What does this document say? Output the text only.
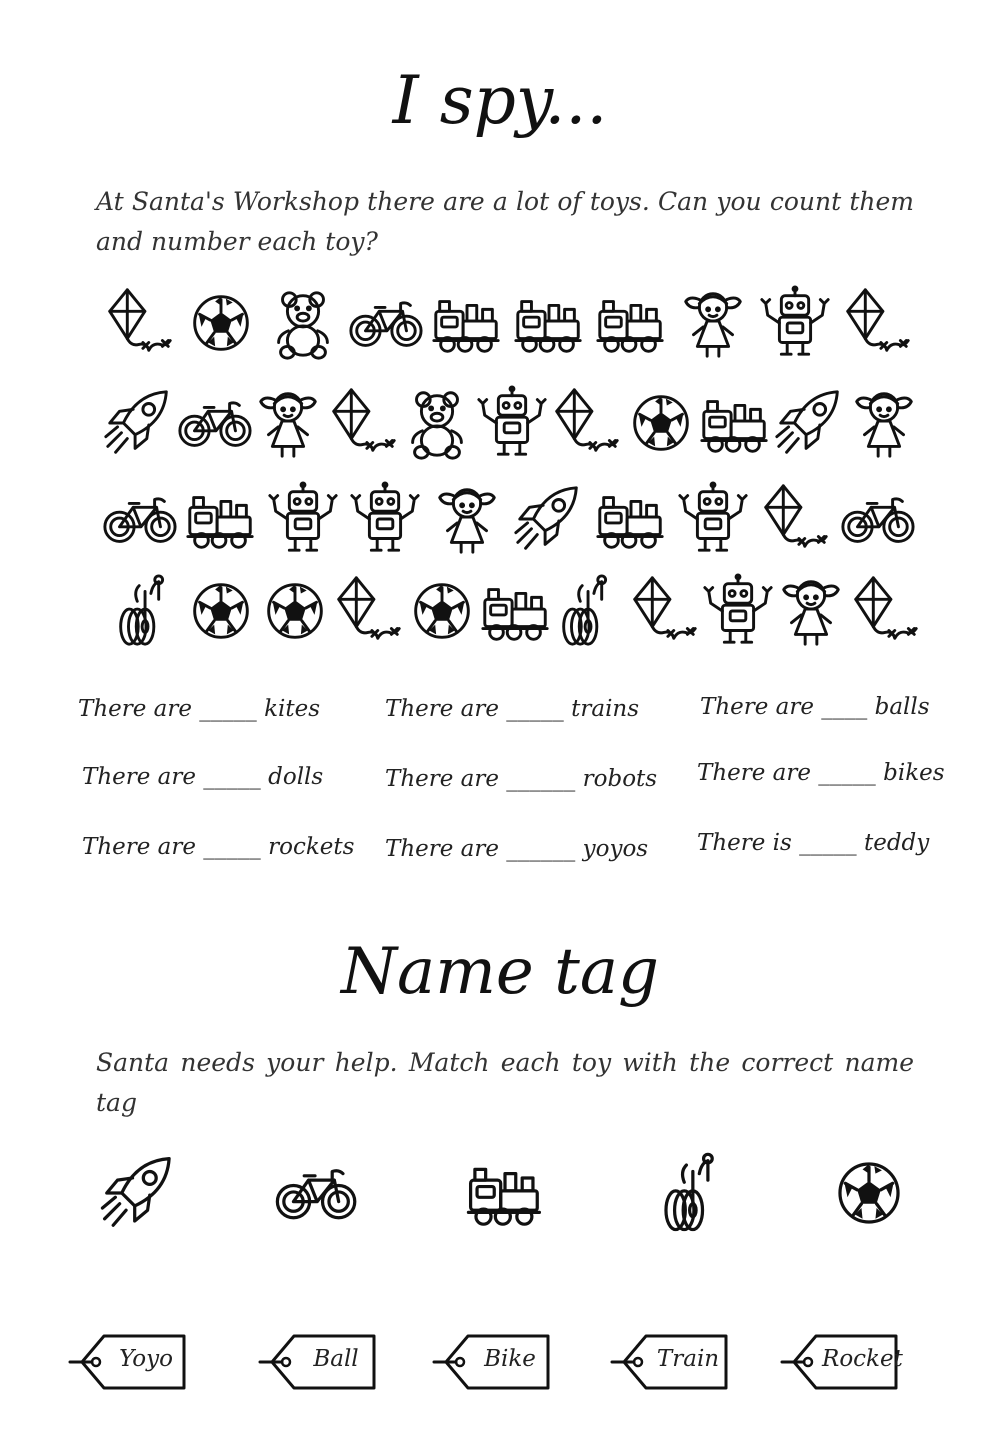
I spy...
At Santa's Workshop there are a lot of toys. Can you count them and number each toy?
There are _____ kites	There are _____ trains	There are ____ balls
There are _____ dolls	There are ______ robots There are _____ bikes
There are _____ rockets There are ______ yoyos There is _____ teddy
Name tag
Santa needs your help. Match each toy with the correct name tag
Yoyo	Ball	Bike	Train	Rocket
